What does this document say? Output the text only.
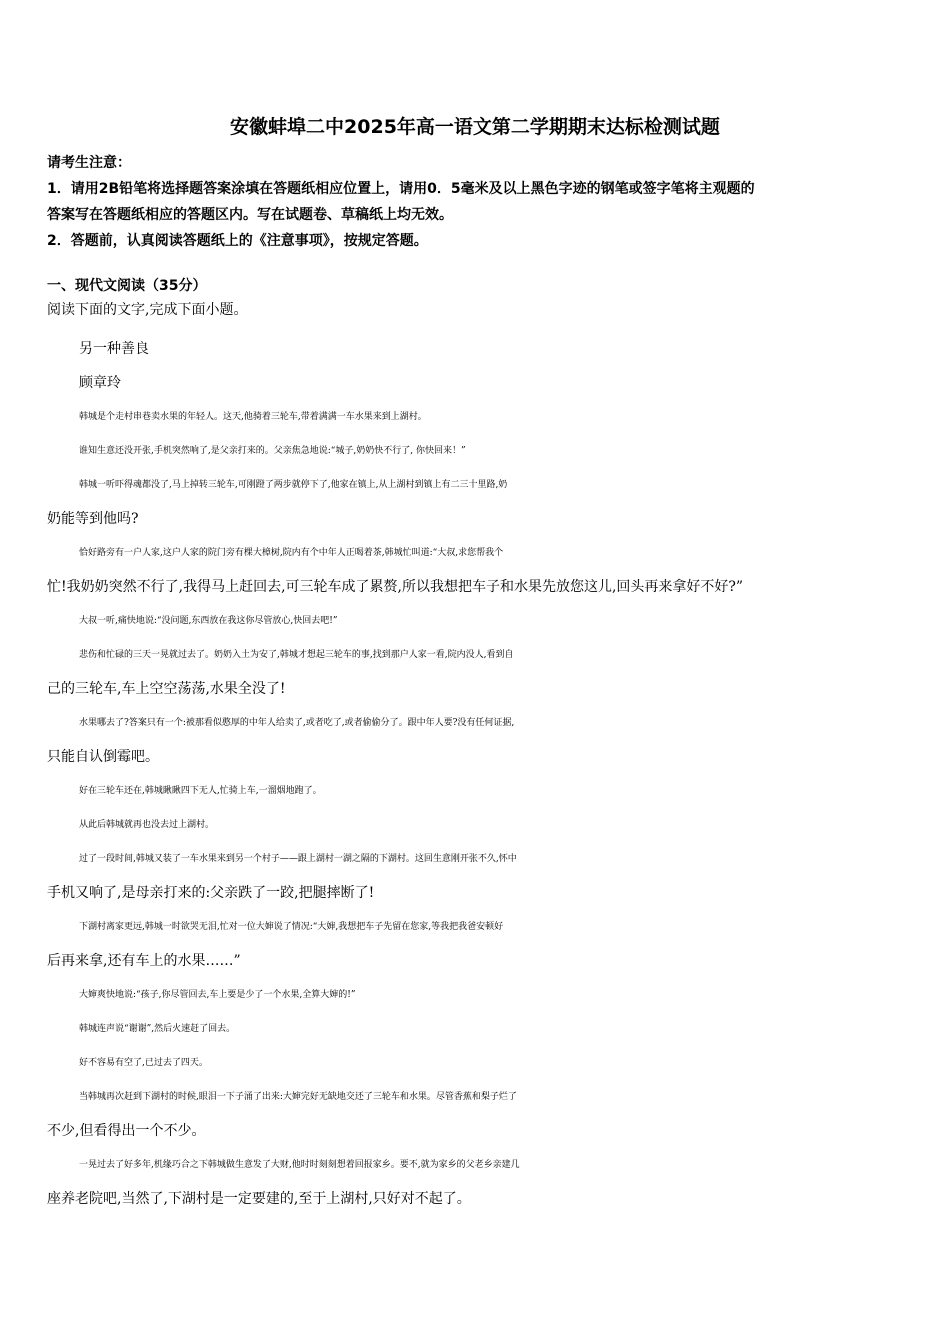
安徽蚌埠二中2025年高一语文第二学期期末达标检测试题
请考生注意：
1．请用2B铅笔将选择题答案涂填在答题纸相应位置上，请用0．5毫米及以上黑色字迹的钢笔或签字笔将主观题的
答案写在答题纸相应的答题区内。写在试题卷、草稿纸上均无效。
2．答题前，认真阅读答题纸上的《注意事项》，按规定答题。
一、现代文阅读（35分）
阅读下面的文字,完成下面小题。

另一种善良

顾章玲

韩城是个走村串巷卖水果的年轻人。这天,他骑着三轮车,带着满满一车水果来到上湖村。

谁知生意还没开张,手机突然响了,是父亲打来的。父亲焦急地说:“城子,奶奶快不行了, 你快回来！”

韩城一听吓得魂都没了,马上掉转三轮车,可刚蹬了两步就停下了,他家在镇上,从上湖村到镇上有二三十里路,奶
奶能等到他吗?

恰好路旁有一户人家,这户人家的院门旁有棵大樟树,院内有个中年人正喝着茶,韩城忙叫道:“大叔,求您帮我个
忙!我奶奶突然不行了,我得马上赶回去,可三轮车成了累赘,所以我想把车子和水果先放您这儿,回头再来拿好不好?”

大叔一听,痛快地说:“没问题,东西放在我这你尽管放心,快回去吧!”

悲伤和忙碌的三天一晃就过去了。奶奶入土为安了,韩城才想起三轮车的事,找到那户人家一看,院内没人,看到自
己的三轮车,车上空空荡荡,水果全没了!

水果哪去了?答案只有一个:被那看似憨厚的中年人给卖了,或者吃了,或者偷偷分了。跟中年人要?没有任何证据,
只能自认倒霉吧。

好在三轮车还在,韩城瞅瞅四下无人,忙骑上车,一溜烟地跑了。

从此后韩城就再也没去过上湖村。

过了一段时间,韩城又装了一车水果来到另一个村子——跟上湖村一湖之隔的下湖村。这回生意刚开张不久,怀中
手机又响了,是母亲打来的:父亲跌了一跤,把腿摔断了!

下湖村离家更远,韩城一时欲哭无泪,忙对一位大婶说了情况:“大婶,我想把车子先留在您家,等我把我爸安顿好
后再来拿,还有车上的水果……”

大婶爽快地说:“孩子,你尽管回去,车上要是少了一个水果,全算大婶的!”

韩城连声说“谢谢”,然后火速赶了回去。

好不容易有空了,已过去了四天。

当韩城再次赶到下湖村的时候,眼泪一下子涌了出来:大婶完好无缺地交还了三轮车和水果。尽管香蕉和梨子烂了
不少,但看得出一个不少。

一晃过去了好多年,机缘巧合之下韩城做生意发了大财,他时时刻刻想着回报家乡。要不,就为家乡的父老乡亲建几
座养老院吧,当然了,下湖村是一定要建的,至于上湖村,只好对不起了。
